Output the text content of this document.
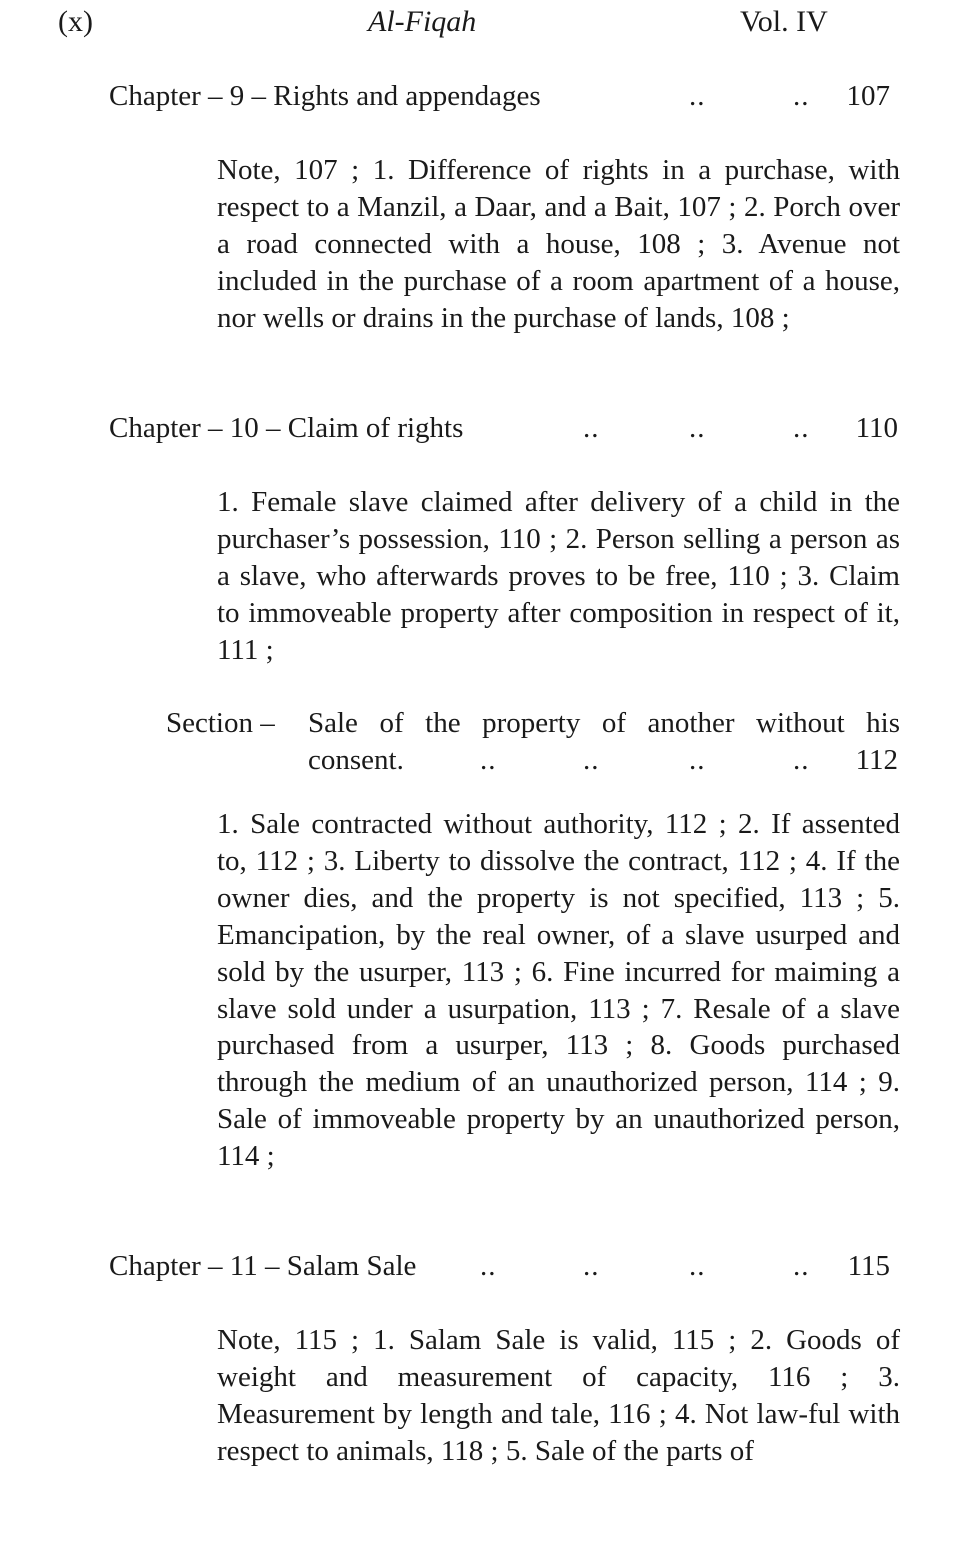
(x)	Al-Fiqah	Vol. IV
Chapter – 9 – Rights and appendages	..	..	107

Note, 107 ; 1. Difference of rights in a purchase, with respect to a Manzil, a Daar, and a Bait, 107 ; 2. Porch over a road connected with a house, 108 ; 3. Avenue not included in the purchase of a room apartment of a house, nor wells or drains in the purchase of lands, 108 ;

Chapter – 10 – Claim of rights	..	..	..	110

1. Female slave claimed after delivery of a child in the purchaser’s possession, 110 ; 2. Person selling a person as a slave, who afterwards proves to be free, 110 ; 3. Claim to immoveable property after composition in respect of it, 111 ;

Section – Sale of the property of another without his
consent.	..	..	..	..	112

1. Sale contracted without authority, 112 ; 2. If assented to, 112 ; 3. Liberty to dissolve the contract, 112 ; 4. If the owner dies, and the property is not specified, 113 ; 5. Emancipation, by the real owner, of a slave usurped and sold by the usurper, 113 ; 6. Fine incurred for maiming a slave sold under a usurpation, 113 ; 7. Resale of a slave purchased from a usurper, 113 ; 8. Goods purchased through the medium of an unauthorized person, 114 ; 9. Sale of immoveable property by an unauthorized person, 114 ;

Chapter – 11 – Salam Sale ..	..	..	..	115

Note, 115 ; 1. Salam Sale is valid, 115 ; 2. Goods of weight and measurement of capacity, 116 ; 3. Measurement by length and tale, 116 ; 4. Not law-ful with respect to animals, 118 ; 5. Sale of the parts of
